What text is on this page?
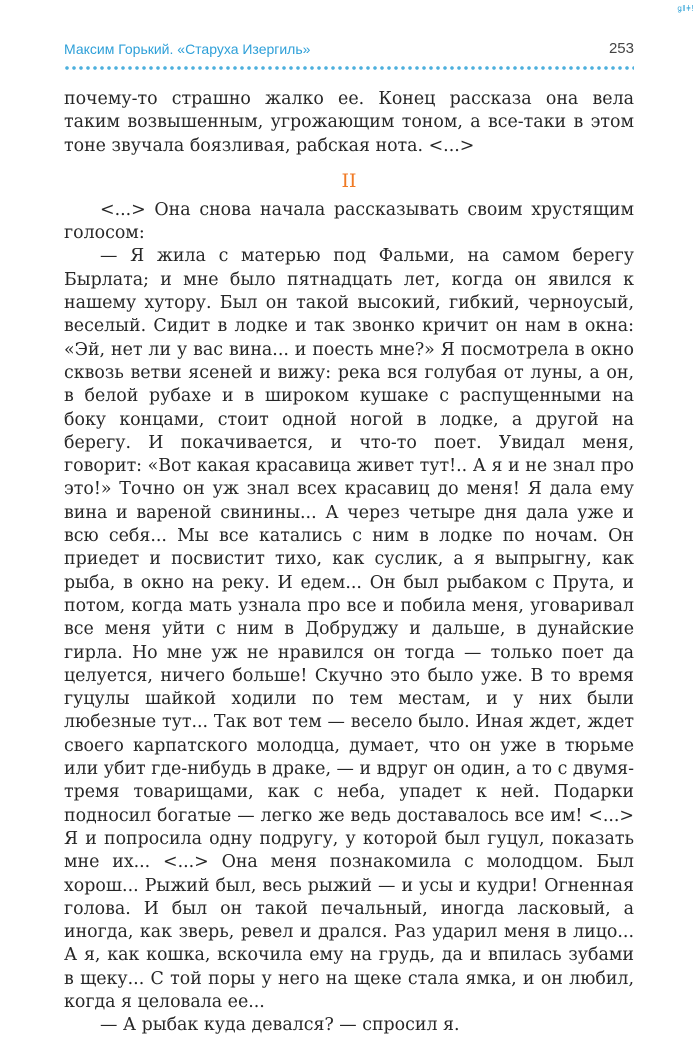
ǥǁǂǃ
Максим Горький. «Старуха Изергиль»	253

почему-то страшно жалко ее. Конец рассказа она вела таким возвышенным, угрожающим тоном, а все-таки в этом тоне звучала боязливая, рабская нота. <...>

II

<...> Она снова начала рассказывать своим хрустящим голосом:

— Я жила с матерью под Фальми, на самом берегу Бырлата; и мне было пятнадцать лет, когда он явился к нашему хутору. Был он такой высокий, гибкий, черноусый, веселый. Сидит в лодке и так звонко кричит он нам в окна: «Эй, нет ли у вас вина... и поесть мне?» Я посмотрела в окно сквозь ветви ясеней и вижу: река вся голубая от луны, а он, в белой рубахе и в широком кушаке с распущенными на боку концами, стоит одной ногой в лодке, а другой на берегу. И покачивается, и что-то поет. Увидал меня, говорит: «Вот какая красавица живет тут!.. А я и не знал про это!» Точно он уж знал всех красавиц до меня! Я дала ему вина и вареной свинины... А через четыре дня дала уже и всю себя... Мы все катались с ним в лодке по ночам. Он приедет и посвистит тихо, как суслик, а я выпрыгну, как рыба, в окно на реку. И едем... Он был рыбаком с Прута, и потом, когда мать узнала про все и побила меня, уговаривал все меня уйти с ним в Добруджу и дальше, в дунайские гирла. Но мне уж не нравился он тогда — только поет да целуется, ничего больше! Скучно это было уже. В то время гуцулы шайкой ходили по тем местам, и у них были любезные тут... Так вот тем — весело было. Иная ждет, ждет своего карпатского молодца, думает, что он уже в тюрьме или убит где-нибудь в драке, — и вдруг он один, а то с двумя-тремя товарищами, как с неба, упадет к ней. Подарки подносил богатые — легко же ведь доставалось все им! <...> Я и попросила одну подругу, у которой был гуцул, показать мне их... <...> Она меня познакомила с молодцом. Был хорош... Рыжий был, весь рыжий — и усы и кудри! Огненная голова. И был он такой печальный, иногда ласковый, а иногда, как зверь, ревел и дрался. Раз ударил меня в лицо... А я, как кошка, вскочила ему на грудь, да и впилась зубами в щеку... С той поры у него на щеке стала ямка, и он любил, когда я целовала ее...

— А рыбак куда девался? — спросил я.
